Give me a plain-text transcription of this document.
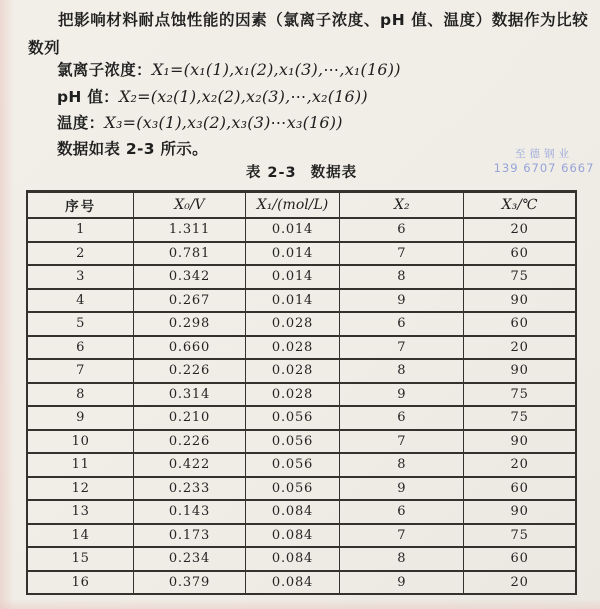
把影响材料耐点蚀性能的因素（氯离子浓度、pH 值、温度）数据作为比较
数列
氯离子浓度：X₁=(x₁(1),x₁(2),x₁(3),⋯,x₁(16))
pH 值：X₂=(x₂(1),x₂(2),x₂(3),⋯,x₂(16))
温度：X₃=(x₃(1),x₃(2),x₃(3)⋯x₃(16))
数据如表 2-3 所示。	至德钢业
139 6707 6667
表 2-3 数据表
序号	X₀/V	X₁/(mol/L)	X₂	X₃/℃
1	1.311	0.014	6	20
2	0.781	0.014	7	60
3	0.342	0.014	8	75
4	0.267	0.014	9	90
5	0.298	0.028	6	60
6	0.660	0.028	7	20
7	0.226	0.028	8	90
8	0.314	0.028	9	75
9	0.210	0.056	6	75
10	0.226	0.056	7	90
11	0.422	0.056	8	20
12	0.233	0.056	9	60
13	0.143	0.084	6	90
14	0.173	0.084	7	75
15	0.234	0.084	8	60
16	0.379	0.084	9	20
